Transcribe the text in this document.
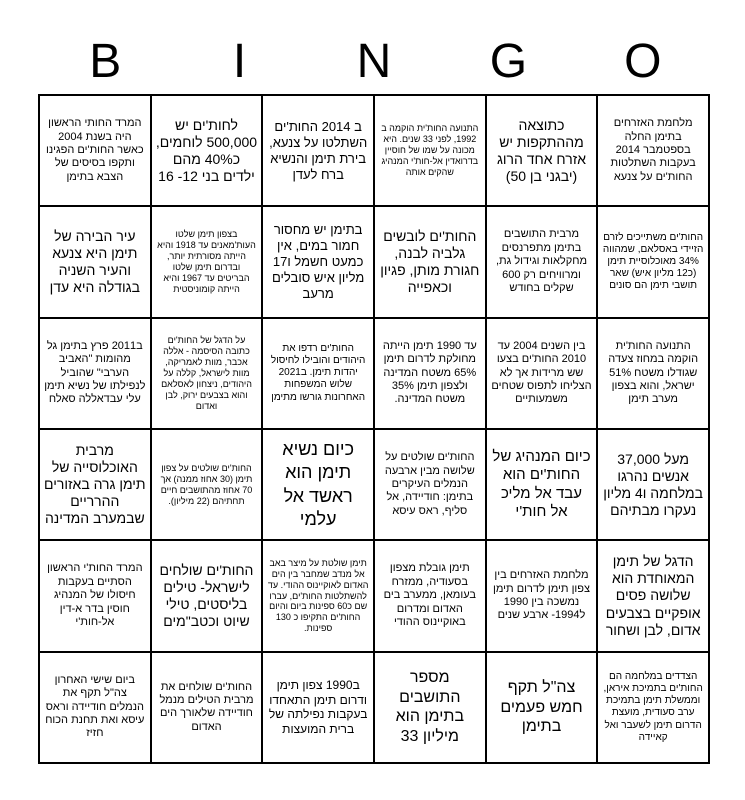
B	I	N	G	O
המרד החותי הראשון היה בשנת 2004 כאשר החות'ים הפגינו ותקפו בסיסים של הצבא בתימן
לחות'ים יש 500,000 לוחמים, כ40% מהם ילדים בני 12- 16
ב 2014 החות'ים השתלטו על צנעא, בירת תימן והנשיא ברח לעדן
התנועה החות'ית הוקמה ב 1992, לפני 33 שנים. היא מכונה על שמו של חוסיין בדרואדין אל-חות'י המנהיג שהקים אותה
כתוצאה מההתקפות יש אזרח אחד הרוג (יבגני בן 50)
מלחמת האזרחים בתימן החלה בספטמבר 2014 בעקבות השתלטות החות'ים על צנעא
עיר הבירה של תימן היא צנעא והעיר השניה בגודלה היא עדן
בצפון תימן שלטו העות'מאנים עד 1918 והיא הייתה מסורתית יותר, ובדרום תימן שלטו הבריטים עד 1967 והיא הייתה קומוניסטית
בתימן יש מחסור חמור במים, אין כמעט חשמל ו17 מליון איש סובלים מרעב
החות'ים לובשים גלביה לבנה, חגורת מותן, פגיון וכאפייה
מרבית התושבים בתימן מתפרנסים מחקלאות וגידול גת, ומרוויחים רק 600 שקלים בחודש
החות'ים משתייכים לזרם הזיידי באסלאם, שמהווה 34% מאוכלוסיית תימן (כ12 מליון איש) שאר תושבי תימן הם סונים
ב2011 פרץ בתימן גל מהומות "האביב הערבי" שהוביל לנפילתו של נשיא תימן עלי עבדאללה סאלח
על הדגל של החות'ים כתובה הסיסמה - אללה אכבר, מוות לאמריקה, מוות לישראל, קללה על היהודים, ניצחון לאסלאם והוא בצבעים ירוק, לבן ואדום
החות'ים רדפו את היהודים והובילו לחיסול יהדות תימן. ב2021 שלוש המשפחות האחרונות גורשו מתימן
עד 1990 תימן הייתה מחולקת לדרום תימן 65% משטח המדינה ולצפון תימן 35% משטח המדינה.
בין השנים 2004 עד 2010 החות'ים בצעו שש מרידות אך לא הצליחו לתפוס שטחים משמעותיים
התנועה החות'ית הוקמה במחוז צעדה שגודלו משטח 51% ישראל, והוא בצפון מערב תימן
מרבית האוכלוסייה של תימן גרה באזורים ההרריים שבמערב המדינה
החות'ים שולטים על צפון תימן (30 אחוז ממנה) אך 70 אחוז מהתושבים חיים תחתיהם (22 מיליון).
כיום נשיא תימן הוא ראשד אל עלמי
החות'ים שולטים על שלושה מבין ארבעה הנמלים העיקרים בתימן: חודיידה, אל סליף, ראס עיסא
כיום המנהיג של החות'ים הוא עבד אל מליכ אל חות'י
מעל 37,000 אנשים נהרגו במלחמה ו4 מליון נעקרו מבתיהם
המרד החות'י הראשון הסתיים בעקבות חיסולו של המנהיג חוסין בדר א-דין אל-חות'י
החות'ים שולחים לישראל- טילים בליסטים, טילי שיוט וכטב"מים
תימן שולטת על מיצר באב אל מנדב שמחבר בין הים האדום לאוקיינוס ההודי. עד להשתלטות החות'ים, עברו שם כ60 ספינות ביום והיום החות'ים התקיפו כ 130 ספינות.
תימן גובלת מצפון בסעודיה, ממזרח בעומאן, ממערב בים האדום ומדרום באוקיינוס ההודי
מלחמת האזרחים בין צפון תימן לדרום תימן נמשכה בין 1990 ל1994- ארבע שנים
הדגל של תימן המאוחדת הוא שלושה פסים אופקיים בצבעים אדום, לבן ושחור
ביום שישי האחרון צה"ל תקף את הנמלים חודיידה וראס עיסא ואת תחנת הכוח חזיז
החות'ים שולחים את מרבית הטילים מנמל חודיידה שלאורך הים האדום
ב1990 צפון תימן ודרום תימן התאחדו בעקבות נפילתה של ברית המועצות
מספר התושבים בתימן הוא מיליון 33
צה"ל תקף חמש פעמים בתימן
הצדדים במלחמה הם החות'ים בתמיכת איראן, וממשלת תימן בתמיכת ערב סעודית, מועצת הדרום תימן לשעבר ואל קאיידה
